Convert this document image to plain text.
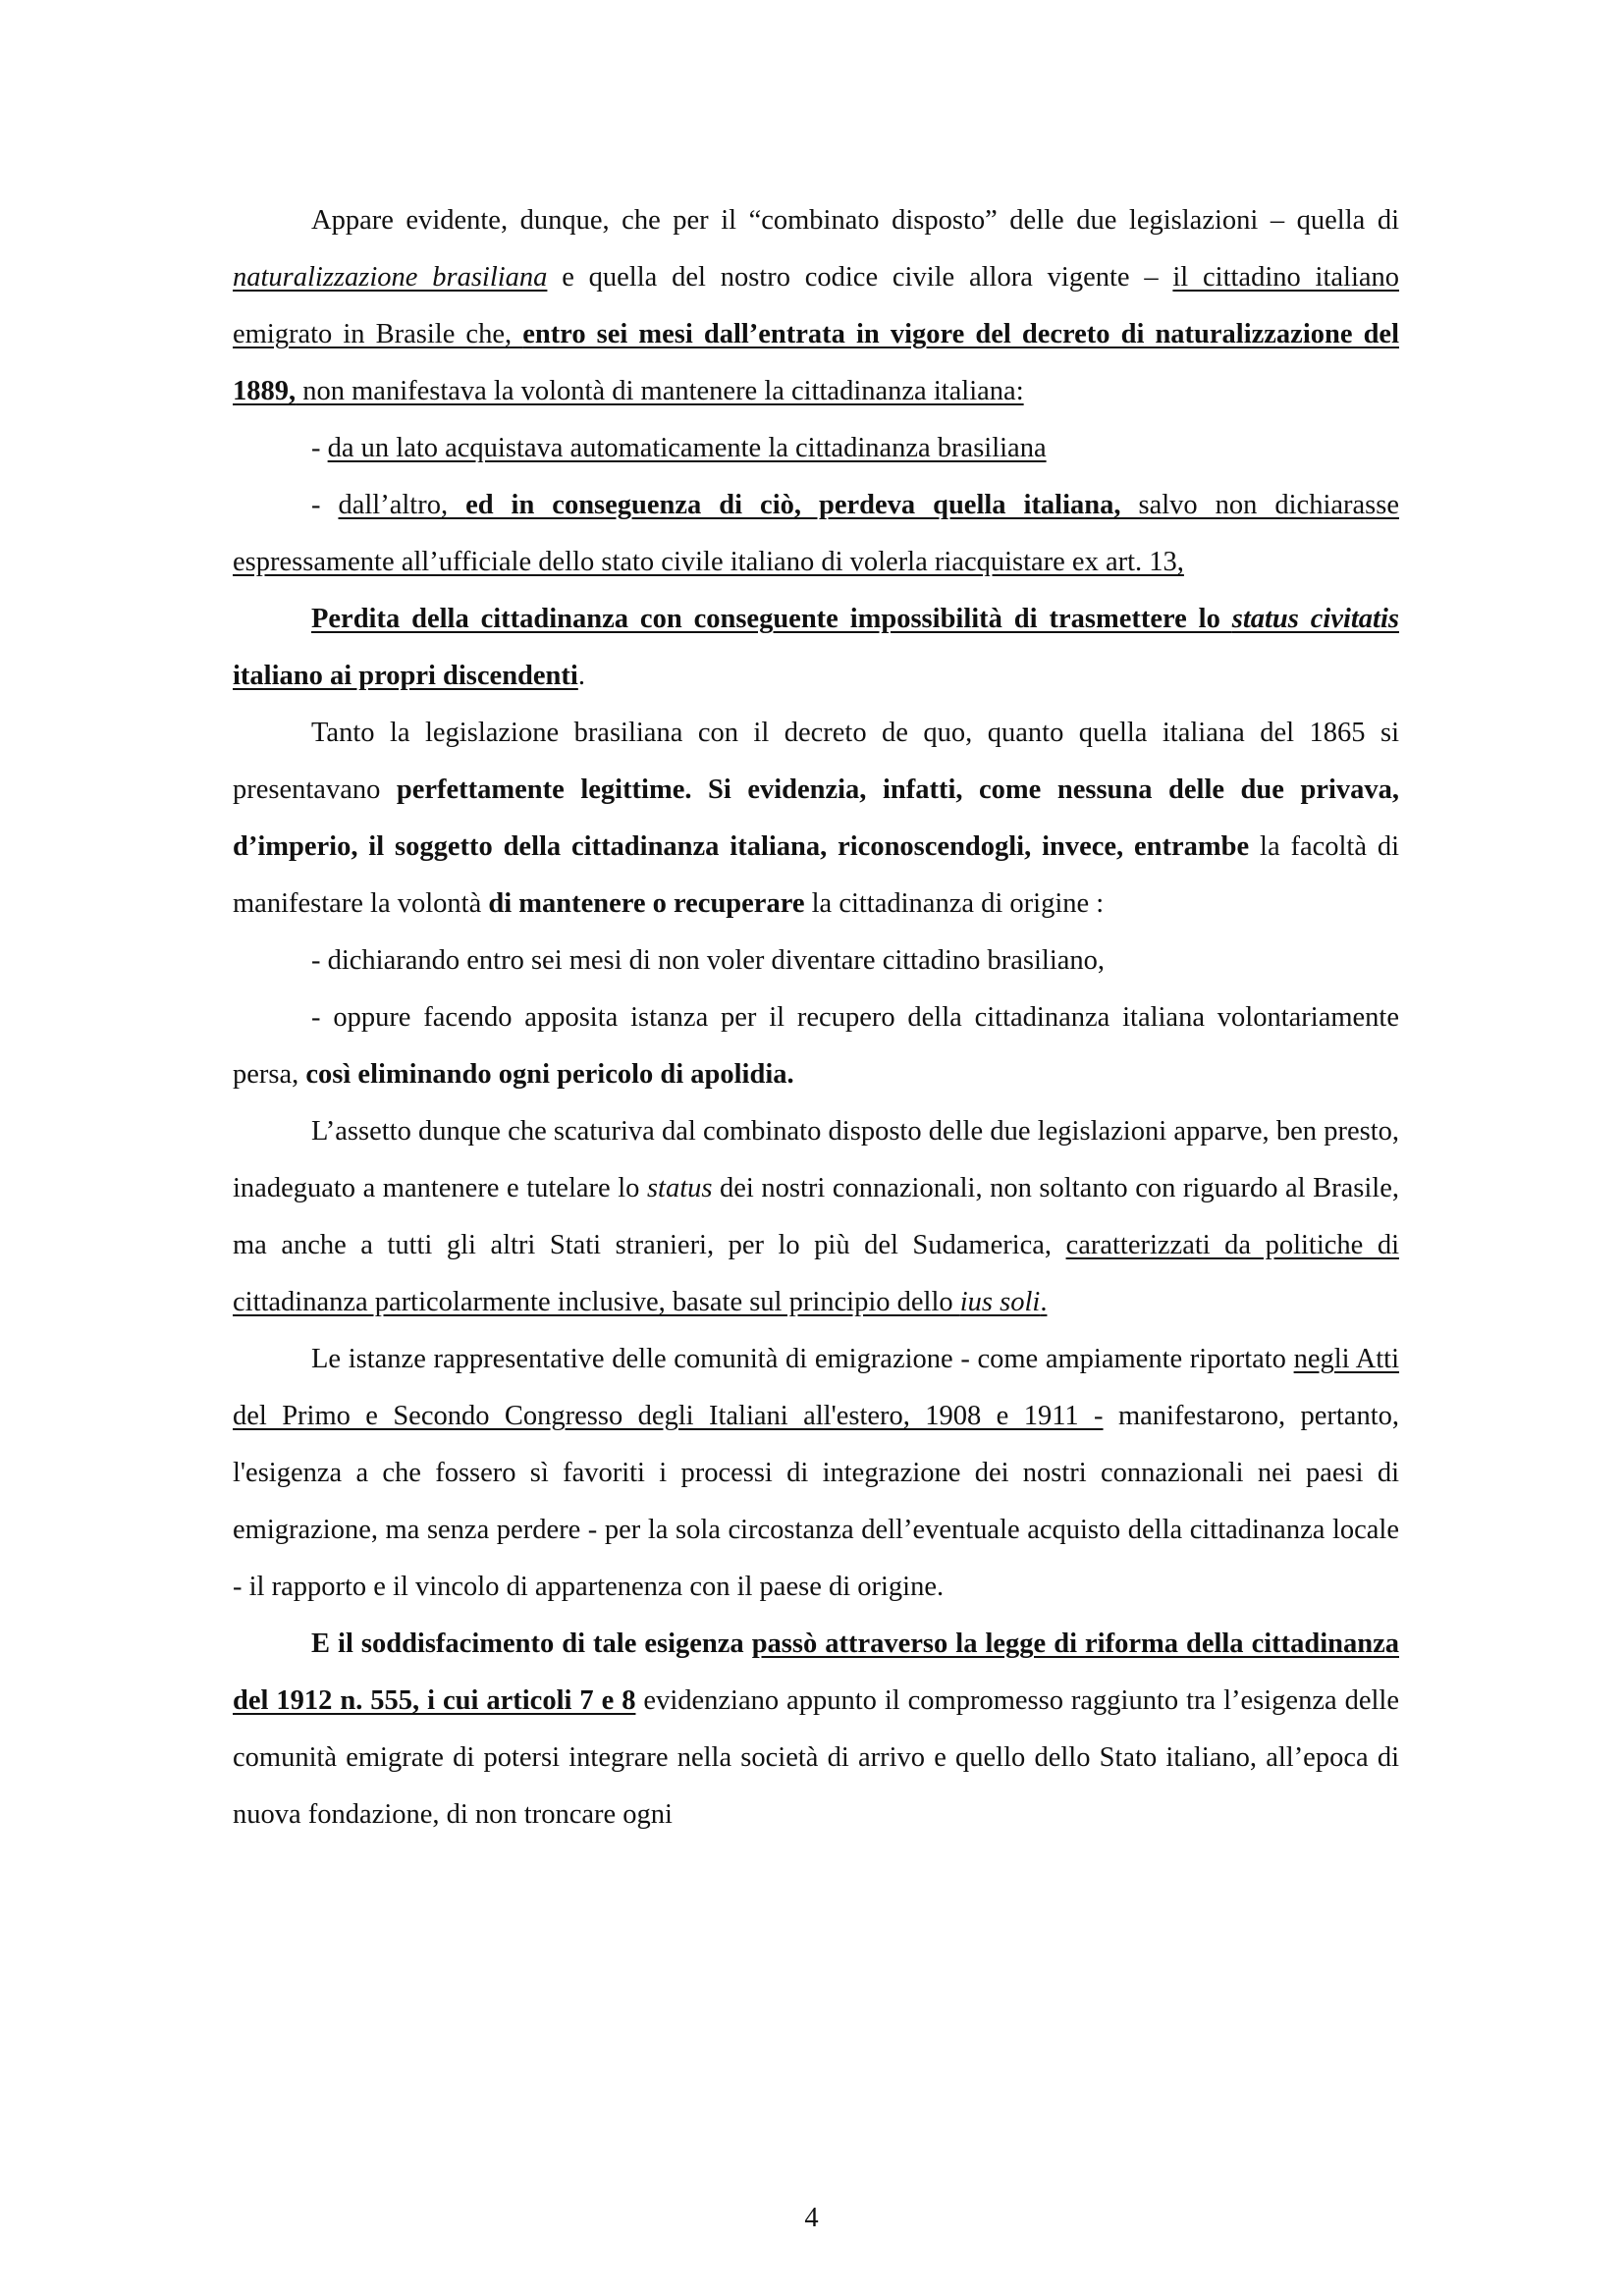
Appare evidente, dunque, che per il “combinato disposto” delle due legislazioni – quella di naturalizzazione brasiliana e quella del nostro codice civile allora vigente – il cittadino italiano emigrato in Brasile che, entro sei mesi dall’entrata in vigore del decreto di naturalizzazione del 1889, non manifestava la volontà di mantenere la cittadinanza italiana:

- da un lato acquistava automaticamente la cittadinanza brasiliana

- dall’altro, ed in conseguenza di ciò, perdeva quella italiana, salvo non dichiarasse espressamente all’ufficiale dello stato civile italiano di volerla riacquistare ex art. 13,

Perdita della cittadinanza con conseguente impossibilità di trasmettere lo status civitatis italiano ai propri discendenti.

Tanto la legislazione brasiliana con il decreto de quo, quanto quella italiana del 1865 si presentavano perfettamente legittime. Si evidenzia, infatti, come nessuna delle due privava, d’imperio, il soggetto della cittadinanza italiana, riconoscendogli, invece, entrambe la facoltà di manifestare la volontà di mantenere o recuperare la cittadinanza di origine :

- dichiarando entro sei mesi di non voler diventare cittadino brasiliano,

- oppure facendo apposita istanza per il recupero della cittadinanza italiana volontariamente persa, così eliminando ogni pericolo di apolidia.

L’assetto dunque che scaturiva dal combinato disposto delle due legislazioni apparve, ben presto, inadeguato a mantenere e tutelare lo status dei nostri connazionali, non soltanto con riguardo al Brasile, ma anche a tutti gli altri Stati stranieri, per lo più del Sudamerica, caratterizzati da politiche di cittadinanza particolarmente inclusive, basate sul principio dello ius soli.

Le istanze rappresentative delle comunità di emigrazione - come ampiamente riportato negli Atti del Primo e Secondo Congresso degli Italiani all'estero, 1908 e 1911 - manifestarono, pertanto, l'esigenza a che fossero sì favoriti i processi di integrazione dei nostri connazionali nei paesi di emigrazione, ma senza perdere - per la sola circostanza dell’eventuale acquisto della cittadinanza locale - il rapporto e il vincolo di appartenenza con il paese di origine.

E il soddisfacimento di tale esigenza passò attraverso la legge di riforma della cittadinanza del 1912 n. 555, i cui articoli 7 e 8 evidenziano appunto il compromesso raggiunto tra l’esigenza delle comunità emigrate di potersi integrare nella società di arrivo e quello dello Stato italiano, all’epoca di nuova fondazione, di non troncare ogni

4
